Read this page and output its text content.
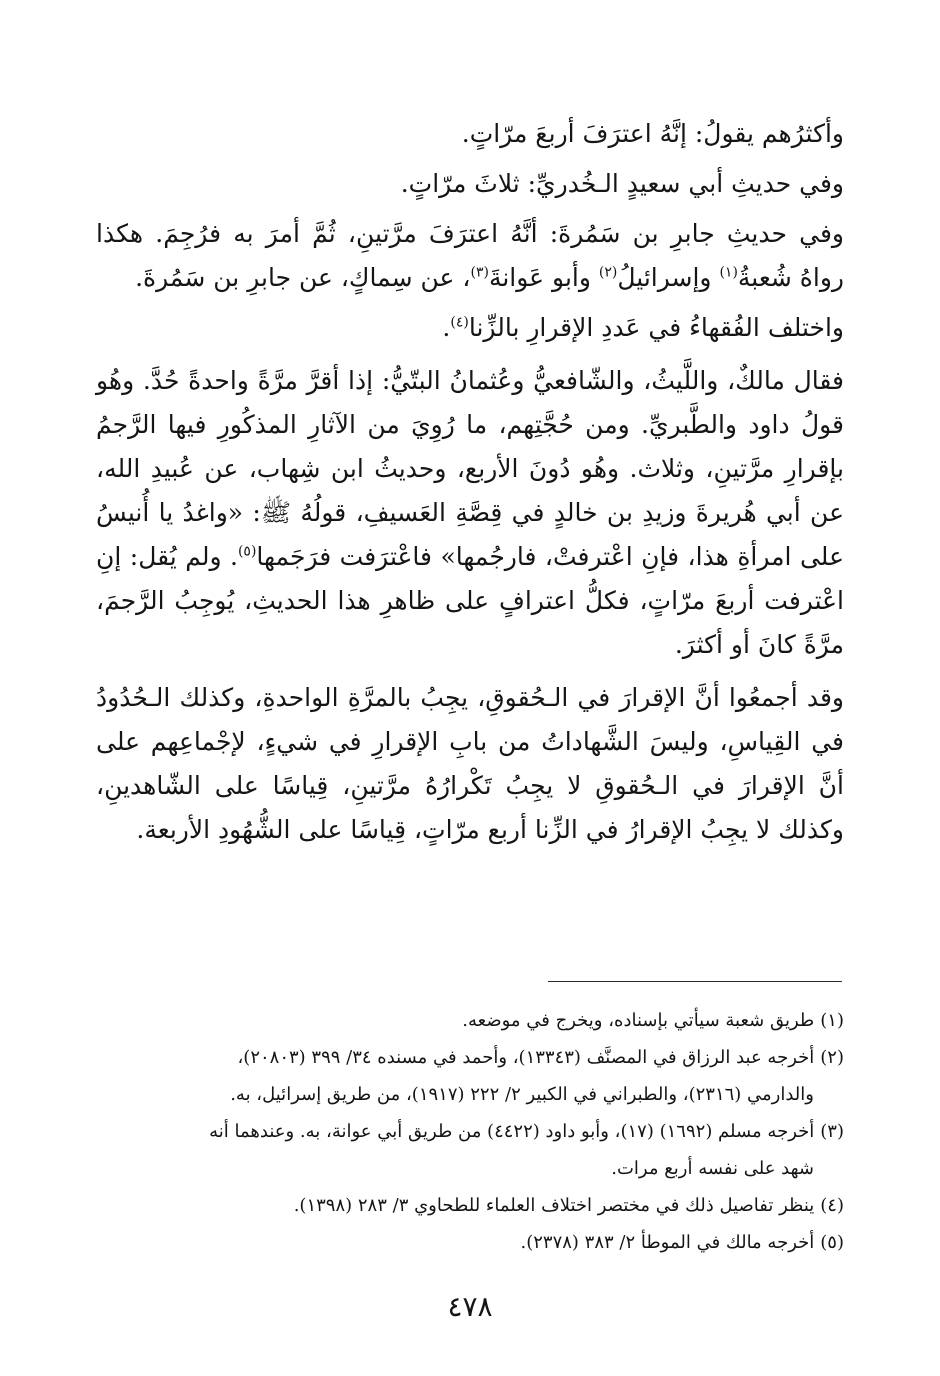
وأكثرُهم يقولُ: إنَّهُ اعترَفَ أربعَ مرّاتٍ.

وفي حديثِ أبي سعيدٍ الـخُدريِّ: ثلاثَ مرّاتٍ.

وفي حديثِ جابرِ بن سَمُرةَ: أنَّهُ اعترَفَ مرَّتينِ، ثُمَّ أمرَ به فرُجِمَ. هكذا رواهُ شُعبةُ$^{(١)}$ وإسرائيلُ$^{(٢)}$ وأبو عَوانةَ$^{(٣)}$، عن سِماكٍ، عن جابرِ بن سَمُرةَ.

واختلف الفُقهاءُ في عَددِ الإقرارِ بالزِّنا$^{(٤)}$.

فقال مالكٌ، واللَّيثُ، والشّافعيُّ وعُثمانُ البتّيُّ: إذا أقرَّ مرَّةً واحدةً حُدَّ. وهُو قولُ داود والطَّبريِّ. ومن حُجَّتِهم، ما رُوِيَ من الآثارِ المذكُورِ فيها الرَّجمُ بإقرارِ مرَّتينِ، وثلاث. وهُو دُونَ الأربع، وحديثُ ابن شِهاب، عن عُبيدِ الله، عن أبي هُريرةَ وزيدِ بن خالدٍ في قِصَّةِ العَسيفِ، قولُهُ ﷺ: «واغدُ يا أُنيسُ على امرأةِ هذا، فإنِ اعْترفتْ، فارجُمها» فاعْترَفت فرَجَمها$^{(٥)}$. ولم يُقل: إنِ اعْترفت أربعَ مرّاتٍ، فكلُّ اعترافٍ على ظاهرِ هذا الحديثِ، يُوجِبُ الرَّجمَ، مرَّةً كانَ أو أكثرَ.

وقد أجمعُوا أنَّ الإقرارَ في الـحُقوقِ، يجِبُ بالمرَّةِ الواحدةِ، وكذلك الـحُدُودُ في القِياسِ، وليسَ الشَّهاداتُ من بابِ الإقرارِ في شيءٍ، لإجْماعِهم على أنَّ الإقرارَ في الـحُقوقِ لا يجِبُ تَكْرارُهُ مرَّتينِ، قِياسًا على الشّاهدينِ، وكذلك لا يجِبُ الإقرارُ في الزِّنا أربع مرّاتٍ، قِياسًا على الشُّهُودِ الأربعة.

(١)طريق شعبة سيأتي بإسناده، ويخرج في موضعه.

(٢)أخرجه عبد الرزاق في المصنَّف (١٣٣٤٣)، وأحمد في مسنده ٣٤/ ٣٩٩ (٢٠٨٠٣)،
والدارمي (٢٣١٦)، والطبراني في الكبير ٢/ ٢٢٢ (١٩١٧)، من طريق إسرائيل، به.

(٣)أخرجه مسلم (١٦٩٢) (١٧)، وأبو داود (٤٤٢٢) من طريق أبي عوانة، به. وعندهما أنه
شهد على نفسه أربع مرات.

(٤)ينظر تفاصيل ذلك في مختصر اختلاف العلماء للطحاوي ٣/ ٢٨٣ (١٣٩٨).

(٥)أخرجه مالك في الموطأ ٢/ ٣٨٣ (٢٣٧٨).

٤٧٨
